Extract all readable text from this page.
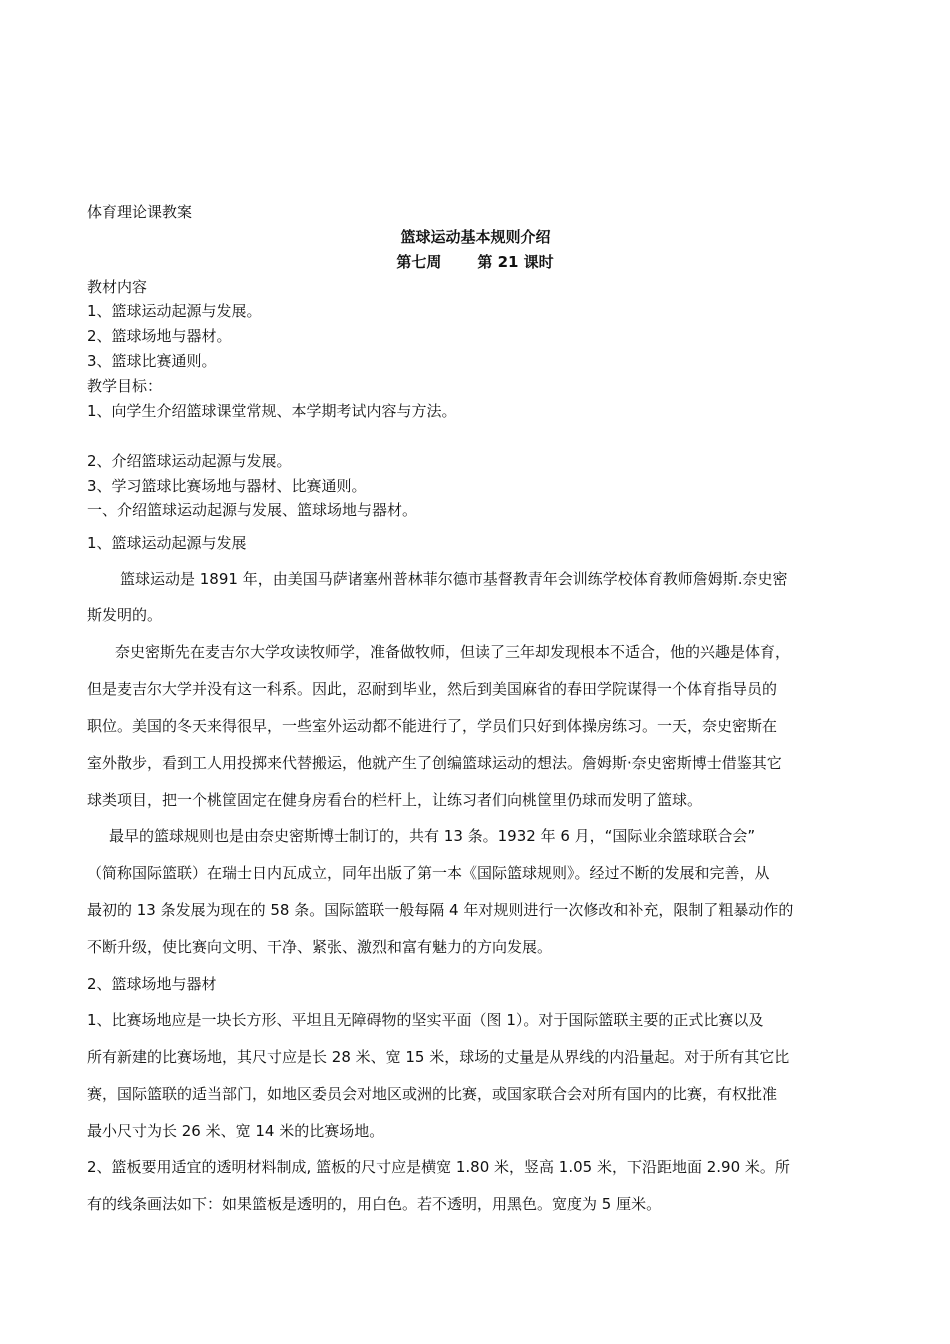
体育理论课教案
篮球运动基本规则介绍
第七周 第 21 课时
教材内容
1、篮球运动起源与发展。
2、篮球场地与器材。
3、篮球比赛通则。
教学目标：
1、向学生介绍篮球课堂常规、本学期考试内容与方法。
2、介绍篮球运动起源与发展。
3、学习篮球比赛场地与器材、比赛通则。
一、介绍篮球运动起源与发展、篮球场地与器材。
1、篮球运动起源与发展
篮球运动是 1891 年，由美国马萨诸塞州普林菲尔德市基督教青年会训练学校体育教师詹姆斯.奈史密
斯发明的。
奈史密斯先在麦吉尔大学攻读牧师学，准备做牧师，但读了三年却发现根本不适合，他的兴趣是体育，
但是麦吉尔大学并没有这一科系。因此，忍耐到毕业，然后到美国麻省的春田学院谋得一个体育指导员的
职位。美国的冬天来得很早，一些室外运动都不能进行了，学员们只好到体操房练习。一天，奈史密斯在
室外散步，看到工人用投掷来代替搬运，他就产生了创编篮球运动的想法。詹姆斯·奈史密斯博士借鉴其它
球类项目，把一个桃筐固定在健身房看台的栏杆上，让练习者们向桃筐里仍球而发明了篮球。
最早的篮球规则也是由奈史密斯博士制订的，共有 13 条。1932 年 6 月，“国际业余篮球联合会”
（简称国际篮联）在瑞士日内瓦成立，同年出版了第一本《国际篮球规则》。经过不断的发展和完善，从
最初的 13 条发展为现在的 58 条。国际篮联一般每隔 4 年对规则进行一次修改和补充，限制了粗暴动作的
不断升级，使比赛向文明、干净、紧张、激烈和富有魅力的方向发展。
2、篮球场地与器材
1、比赛场地应是一块长方形、平坦且无障碍物的坚实平面（图 1）。对于国际篮联主要的正式比赛以及
所有新建的比赛场地，其尺寸应是长 28 米、宽 15 米，球场的丈量是从界线的内沿量起。对于所有其它比
赛，国际篮联的适当部门，如地区委员会对地区或洲的比赛，或国家联合会对所有国内的比赛，有权批准
最小尺寸为长 26 米、宽 14 米的比赛场地。
2、篮板要用适宜的透明材料制成, 篮板的尺寸应是横宽 1.80 米，竖高 1.05 米，下沿距地面 2.90 米。所
有的线条画法如下：如果篮板是透明的，用白色。若不透明，用黑色。宽度为 5 厘米。
